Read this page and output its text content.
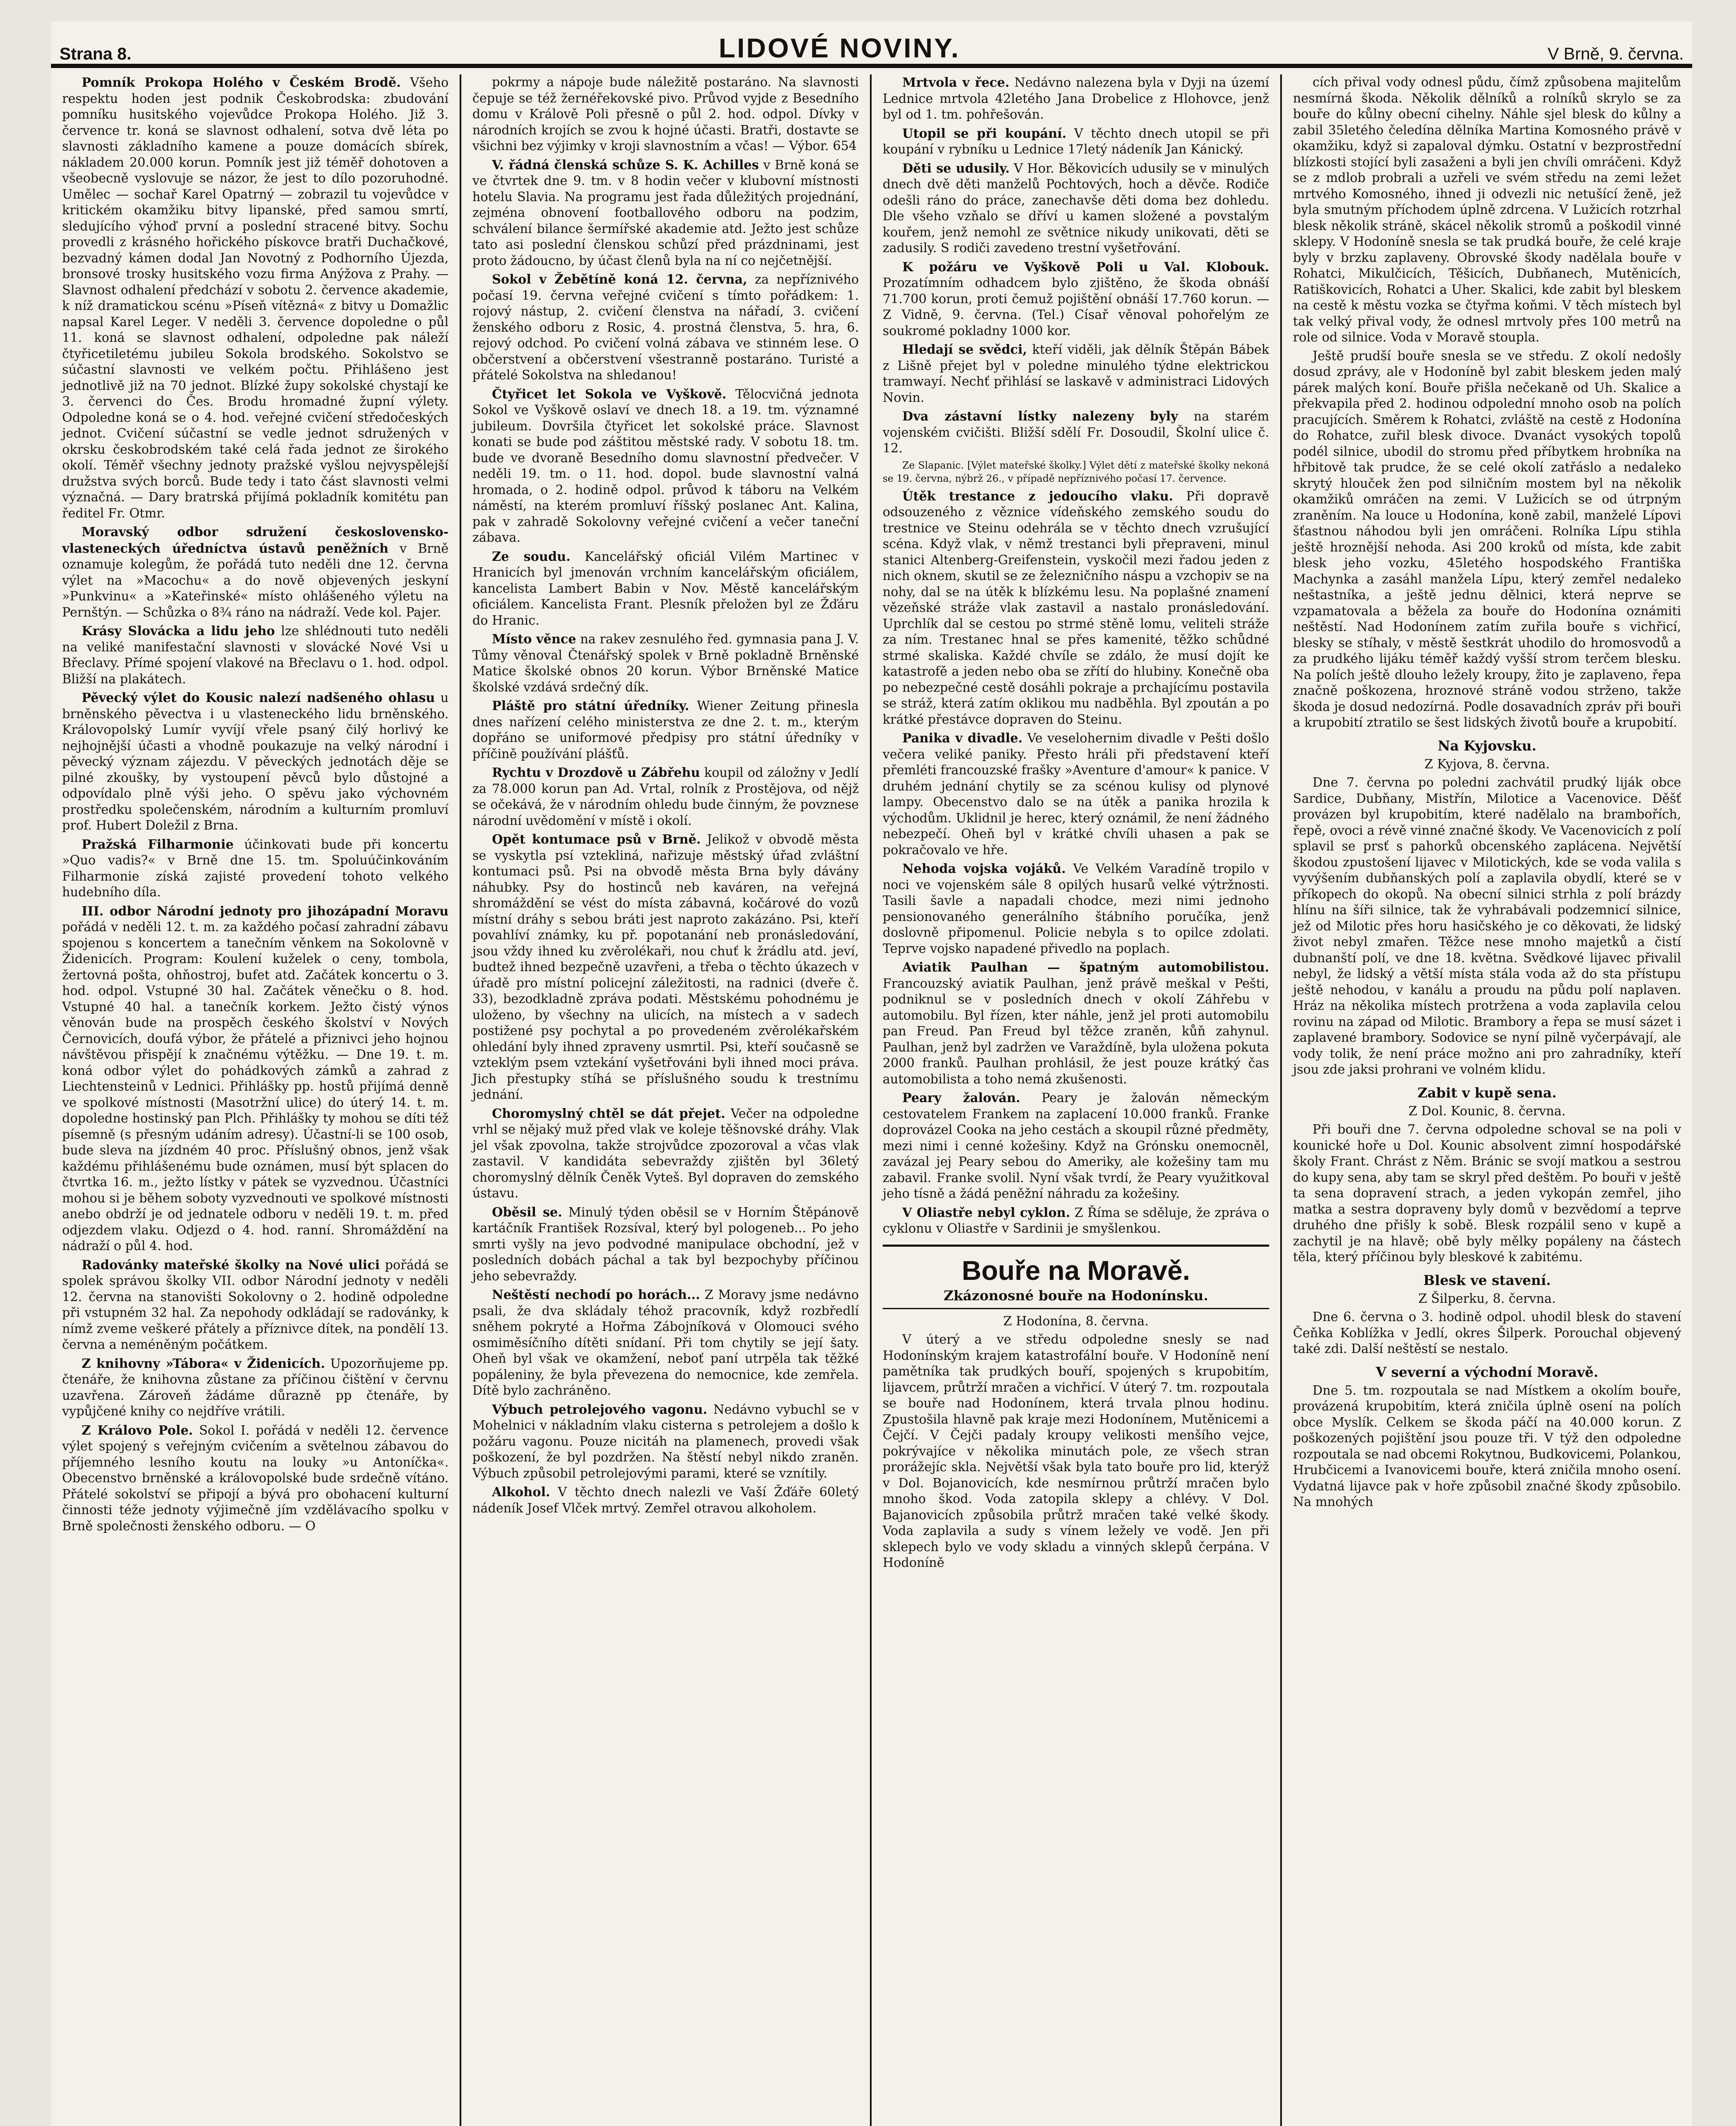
Strana 8.	LIDOVÉ NOVINY.	V Brně, 9. června.

Pomník Prokopa Holého v Českém Brodě. Všeho respektu hoden jest podnik Českobrodska: zbudování pomníku husitského vojevůdce Prokopa Holého. Již 3. července tr. koná se slavnost odhalení, sotva dvě léta po slavnosti základního kamene a pouze domácích sbírek, nákladem 20.000 korun. Pomník jest již téměř dohotoven a všeobecně vyslovuje se názor, že jest to dílo pozoruhodné. Umělec — sochař Karel Opatrný — zobrazil tu vojevůdce v kritickém okamžiku bitvy lipanské, před samou smrtí, sledujícího výhoď první a poslední stracené bitvy. Sochu provedli z krásného hořického pískovce bratři Duchačkové, bezvadný kámen dodal Jan Novotný z Podhorního Újezda, bronsové trosky husitského vozu firma Anýžova z Prahy. — Slavnost odhalení předchází v sobotu 2. července akademie, k níž dramatickou scénu »Píseň vítězná« z bitvy u Domažlic napsal Karel Leger. V neděli 3. července dopoledne o půl 11. koná se slavnost odhalení, odpoledne pak náleží čtyřicetiletému jubileu Sokola brodského. Sokolstvo se súčastní slavnosti ve velkém počtu. Přihlášeno jest jednotlivě již na 70 jednot. Blízké župy sokolské chystají ke 3. červenci do Čes. Brodu hromadné župní výlety. Odpoledne koná se o 4. hod. veřejné cvičení středočeských jednot. Cvičení súčastní se vedle jednot sdružených v okrsku českobrodském také celá řada jednot ze širokého okolí. Téměř všechny jednoty pražské vyšlou nejvyspělejší družstva svých borců. Bude tedy i tato část slavnosti velmi význačná. — Dary bratrská přijímá pokladník komitétu pan ředitel Fr. Otmr.

Moravský odbor sdružení československo-vlasteneckých úředníctva ústavů peněžních v Brně oznamuje kolegům, že pořádá tuto neděli dne 12. června výlet na »Macochu« a do nově objevených jeskyní »Punkvinu« a »Kateřinské« místo ohlášeného výletu na Pernštýn. — Schůzka o 8¾ ráno na nádraží. Vede kol. Pajer.

Krásy Slovácka a lidu jeho lze shlédnouti tuto neděli na veliké manifestační slavnosti v slovácké Nové Vsi u Břeclavy. Přímé spojení vlakové na Břeclavu o 1. hod. odpol. Bližší na plakátech.

Pěvecký výlet do Kousic nalezí nadšeného ohlasu u brněnského pěvectva i u vlasteneckého lidu brněnského. Královopolský Lumír vyvíjí vřele psaný čilý horlivý ke nejhojnější účasti a vhodně poukazuje na velký národní i pěvecký význam zájezdu. V pěveckých jednotách děje se pilné zkoušky, by vystoupení pěvců bylo důstojné a odpovídalo plně výši jeho. O spěvu jako výchovném prostředku společenském, národním a kulturním promluví prof. Hubert Doležil z Brna.

Pražská Filharmonie účinkovati bude při koncertu »Quo vadis?« v Brně dne 15. tm. Spoluúčinkováním Filharmonie získá zajisté provedení tohoto velkého hudebního díla.

III. odbor Národní jednoty pro jihozápadní Moravu pořádá v neděli 12. t. m. za každého počasí zahradní zábavu spojenou s koncertem a tanečním věnkem na Sokolovně v Židenicích. Program: Koulení kuželek o ceny, tombola, žertovná pošta, ohňostroj, bufet atd. Začátek koncertu o 3. hod. odpol. Vstupné 30 hal. Začátek věnečku o 8. hod. Vstupné 40 hal. a tanečník korkem. Ježto čistý výnos věnován bude na prospěch českého školství v Nových Černovicích, doufá výbor, že přátelé a přiznivci jeho hojnou návštěvou přispějí k značnému výtěžku. — Dne 19. t. m. koná odbor výlet do pohádkových zámků a zahrad z Liechtensteinů v Lednici. Přihlášky pp. hostů přijímá denně ve spolkové místnosti (Masotržní ulice) do úterý 14. t. m. dopoledne hostinský pan Plch. Přihlášky ty mohou se díti též písemně (s přesným udáním adresy). Účastní-li se 100 osob, bude sleva na jízdném 40 proc. Příslušný obnos, jenž však každému přihlášenému bude oznámen, musí být splacen do čtvrtka 16. m., ježto lístky v pátek se vyzvednou. Účastníci mohou si je během soboty vyzvednouti ve spolkové místnosti anebo obdrží je od jednatele odboru v neděli 19. t. m. před odjezdem vlaku. Odjezd o 4. hod. ranní. Shromáždění na nádraží o půl 4. hod.

Radovánky mateřské školky na Nové ulici pořádá se spolek správou školky VII. odbor Národní jednoty v neděli 12. června na stanovišti Sokolovny o 2. hodině odpoledne při vstupném 32 hal. Za nepohody odkládají se radovánky, k nímž zveme veškeré přátely a příznivce dítek, na pondělí 13. června a neméněným počátkem.

Z knihovny »Tábora« v Židenicích. Upozorňujeme pp. čtenáře, že knihovna zůstane za příčinou čištění v červnu uzavřena. Zároveň žádáme důrazně pp čtenáře, by vypůjčené knihy co nejdříve vrátili.

Z Královo Pole. Sokol I. pořádá v neděli 12. července výlet spojený s veřejným cvičením a světelnou zábavou do příjemného lesního koutu na louky »u Antoníčka«. Obecenstvo brněnské a královopolské bude srdečně vítáno. Přátelé sokolství se připojí a bývá pro obohacení kulturní činnosti téže jednoty výjimečně jím vzdělávacího spolku v Brně společnosti ženského odboru. — O

pokrmy a nápoje bude náležitě postaráno. Na slavnosti čepuje se též žernéřekovské pivo. Průvod vyjde z Besedního domu v Králově Poli přesně o půl 2. hod. odpol. Dívky v národních krojích se zvou k hojné účasti. Bratři, dostavte se všichni bez výjimky v kroji slavnostním a včas! — Výbor. 654

V. řádná členská schůze S. K. Achilles v Brně koná se ve čtvrtek dne 9. tm. v 8 hodin večer v klubovní místnosti hotelu Slavia. Na programu jest řada důležitých projednání, zejména obnovení footballového odboru na podzim, schválení bilance šermířské akademie atd. Ježto jest schůze tato asi poslední členskou schůzí před prázdninami, jest proto žádoucno, by účast členů byla na ní co nejčetnější.

Sokol v Žebětíně koná 12. června, za nepříznivého počasí 19. června veřejné cvičení s tímto pořádkem: 1. rojový nástup, 2. cvičení členstva na nářadí, 3. cvičení ženského odboru z Rosic, 4. prostná členstva, 5. hra, 6. rejový odchod. Po cvičení volná zábava ve stinném lese. O občerstvení a občerstvení všestranně postaráno. Turisté a přátelé Sokolstva na shledanou!

Čtyřicet let Sokola ve Vyškově. Tělocvičná jednota Sokol ve Vyškově oslaví ve dnech 18. a 19. tm. významné jubileum. Dovršila čtyřicet let sokolské práce. Slavnost konati se bude pod záštitou městské rady. V sobotu 18. tm. bude ve dvoraně Besedního domu slavnostní předvečer. V neděli 19. tm. o 11. hod. dopol. bude slavnostní valná hromada, o 2. hodině odpol. průvod k táboru na Velkém náměstí, na kterém promluví říšský poslanec Ant. Kalina, pak v zahradě Sokolovny veřejné cvičení a večer taneční zábava.

Ze soudu. Kancelářský oficiál Vilém Martinec v Hranicích byl jmenován vrchním kancelářským oficiálem, kancelista Lambert Babin v Nov. Městě kancelářským oficiálem. Kancelista Frant. Plesník přeložen byl ze Žďáru do Hranic.

Místo věnce na rakev zesnulého řed. gymnasia pana J. V. Tůmy věnoval Čtenářský spolek v Brně pokladně Brněnské Matice školské obnos 20 korun. Výbor Brněnské Matice školské vzdává srdečný dík.

Pláště pro státní úředníky. Wiener Zeitung přinesla dnes nařízení celého ministerstva ze dne 2. t. m., kterým dopřáno se uniformové předpisy pro státní úředníky v příčině používání plášťů.

Rychtu v Drozdově u Zábřehu koupil od záložny v Jedlí za 78.000 korun pan Ad. Vrtal, rolník z Prostějova, od nějž se očekává, že v národním ohledu bude činným, že povznese národní uvědomění v místě i okolí.

Opět kontumace psů v Brně. Jelikož v obvodě města se vyskytla psí vztekliná, nařizuje městský úřad zvláštní kontumaci psů. Psi na obvodě města Brna byly dávány náhubky. Psy do hostinců neb kaváren, na veřejná shromáždění se vést do místa zábavná, kočárové do vozů místní dráhy s sebou bráti jest naproto zakázáno. Psi, kteří povahlíví známky, ku př. popotanání neb pronásledování, jsou vždy ihned ku zvěrolékaři, nou chuť k žrádlu atd. jeví, budtež ihned bezpečně uzavřeni, a třeba o těchto úkazech v úřadě pro místní policejní záležitosti, na radnici (dveře č. 33), bezodkladně zpráva podati. Městskému pohodnému je uloženo, by všechny na ulicích, na místech a v sadech postižené psy pochytal a po provedeném zvěrolékařském ohledání byly ihned zpraveny usmrtil. Psi, kteří současně se vzteklým psem vztekání vyšetřováni byli ihned moci práva. Jich přestupky stíhá se příslušného soudu k trestnímu jednání.

Choromyslný chtěl se dát přejet. Večer na odpoledne vrhl se nějaký muž před vlak ve koleje těšnovské dráhy. Vlak jel však zpovolna, takže strojvůdce zpozoroval a včas vlak zastavil. V kandidáta sebevraždy zjištěn byl 36letý choromyslný dělník Čeněk Vyteš. Byl dopraven do zemského ústavu.

Oběsil se. Minulý týden oběsil se v Horním Štěpánově kartáčník František Rozsíval, který byl pologeneb... Po jeho smrti vyšly na jevo podvodné manipulace obchodní, jež v posledních dobách páchal a tak byl bezpochyby příčinou jeho sebevraždy.

Neštěstí nechodí po horách... Z Moravy jsme nedávno psali, že dva skládaly téhož pracovník, když rozbředlí sněhem pokryté a Hořma Zábojníková v Olomouci svého osmiměsíčního dítěti snídaní. Při tom chytily se její šaty. Oheň byl však ve okamžení, neboť paní utrpěla tak těžké popáleniny, že byla převezena do nemocnice, kde zemřela. Dítě bylo zachráněno.

Výbuch petrolejového vagonu. Nedávno vybuchl se v Mohelnici v nákladním vlaku cisterna s petrolejem a došlo k požáru vagonu. Pouze nicitáh na plamenech, provedi však poškození, že byl pozdržen. Na štěstí nebyl nikdo zraněn. Výbuch způsobil petrolejovými parami, které se vznítily.

Alkohol. V těchto dnech nalezli ve Vaší Žďáře 60letý nádeník Josef Vlček mrtvý. Zemřel otravou alkoholem.

Mrtvola v řece. Nedávno nalezena byla v Dyji na území Lednice mrtvola 42letého Jana Drobelice z Hlohovce, jenž byl od 1. tm. pohřešován.

Utopil se při koupání. V těchto dnech utopil se při koupání v rybníku u Lednice 17letý nádeník Jan Kánický.

Děti se udusily. V Hor. Běkovicích udusily se v minulých dnech dvě děti manželů Pochtových, hoch a děvče. Rodiče odešli ráno do práce, zanechavše děti doma bez dohledu. Dle všeho vzňalo se dříví u kamen složené a povstalým kouřem, jenž nemohl ze světnice nikudy unikovati, děti se zadusily. S rodiči zavedeno trestní vyšetřování.

K požáru ve Vyškově Poli u Val. Klobouk. Prozatímním odhadcem bylo zjištěno, že škoda obnáší 71.700 korun, proti čemuž pojištění obnáší 17.760 korun. — Z Vidně, 9. června. (Tel.) Císař věnoval pohořelým ze soukromé pokladny 1000 kor.

Hledají se svědci, kteří viděli, jak dělník Štěpán Bábek z Lišně přejet byl v poledne minulého týdne elektrickou tramwayí. Nechť přihlásí se laskavě v administraci Lidových Novin.

Dva zástavní lístky nalezeny byly na starém vojenském cvičišti. Bližší sdělí Fr. Dosoudil, Školní ulice č. 12.

Ze Slapanic. [Výlet mateřské školky.] Výlet dětí z mateřské školky nekoná se 19. června, nýbrž 26., v případě nepříznivého počasí 17. července.

Útěk trestance z jedoucího vlaku. Při dopravě odsouzeného z věznice vídeňského zemského soudu do trestnice ve Steinu odehrála se v těchto dnech vzrušující scéna. Když vlak, v němž trestanci byli přepraveni, minul stanici Altenberg-Greifenstein, vyskočil mezi řadou jeden z nich oknem, skutil se ze železničního náspu a vzchopiv se na nohy, dal se na útěk k blízkému lesu. Na poplašné znamení vězeňské stráže vlak zastavil a nastalo pronásledování. Uprchlík dal se cestou po strmé stěně lomu, veliteli stráže za ním. Trestanec hnal se přes kamenité, těžko schůdné strmé skaliska. Každé chvíle se zdálo, že musí dojít ke katastrofě a jeden nebo oba se zřítí do hlubiny. Konečně oba po nebezpečné cestě dosáhli pokraje a prchajícímu postavila se stráž, která zatím oklikou mu nadběhla. Byl zpoután a po krátké přestávce dopraven do Steinu.

Panika v divadle. Ve veselohernim divadle v Pešti došlo večera veliké paniky. Přesto hráli při představení kteří přemléti francouzské frašky »Aventure d'amour« k panice. V druhém jednání chytily se za scénou kulisy od plynové lampy. Obecenstvo dalo se na útěk a panika hrozila k východům. Uklidnil je herec, který oznámil, že není žádného nebezpečí. Oheň byl v krátké chvíli uhasen a pak se pokračovalo ve hře.

Nehoda vojska vojáků. Ve Velkém Varadíně tropilo v noci ve vojenském sále 8 opilých husarů velké výtržnosti. Tasili šavle a napadali chodce, mezi nimi jednoho pensionovaného generálního štábního poručíka, jenž doslovně připomenul. Policie nebyla s to opilce zdolati. Teprve vojsko napadené přivedlo na poplach.

Aviatik Paulhan — špatným automobilistou. Francouzský aviatik Paulhan, jenž právě meškal v Pešti, podniknul se v posledních dnech v okolí Záhřebu v automobilu. Byl řízen, kter náhle, jenž jel proti automobilu pan Freud. Pan Freud byl těžce zraněn, kůň zahynul. Paulhan, jenž byl zadržen ve Varaždíně, byla uložena pokuta 2000 franků. Paulhan prohlásil, že jest pouze krátký čas automobilista a toho nemá zkušenosti.

Peary žalován. Peary je žalován německým cestovatelem Frankem na zaplacení 10.000 franků. Franke doprovázel Cooka na jeho cestách a skoupil různé předměty, mezi nimi i cenné kožešiny. Když na Grónsku onemocněl, zavázal jej Peary sebou do Ameriky, ale kožešiny tam mu zabavil. Franke svolil. Nyní však tvrdí, že Peary využitkoval jeho tísně a žádá peněžní náhradu za kožešiny.

V Oliastře nebyl cyklon. Z Říma se sděluje, že zpráva o cyklonu v Oliastře v Sardinii je smyšlenkou.

Bouře na Moravě.
Zkázonosné bouře na Hodonínsku.

Z Hodonína, 8. června.

V úterý a ve středu odpoledne snesly se nad Hodonínským krajem katastrofální bouře. V Hodoníně není pamětníka tak prudkých bouří, spojených s krupobitím, lijavcem, průtrží mračen a vichřicí. V úterý 7. tm. rozpoutala se bouře nad Hodonínem, která trvala plnou hodinu. Zpustošila hlavně pak kraje mezi Hodonínem, Mutěnicemi a Čejčí. V Čejči padaly kroupy velikosti menšího vejce, pokrývajíce v několika minutách pole, ze všech stran prorážejíc skla. Největší však byla tato bouře pro lid, kterýž v Dol. Bojanovicích, kde nesmírnou průtrží mračen bylo mnoho škod. Voda zatopila sklepy a chlévy. V Dol. Bajanovicích způsobila průtrž mračen také velké škody. Voda zaplavila a sudy s vínem ležely ve vodě. Jen při sklepech bylo ve vody skladu a vinných sklepů čerpána. V Hodoníně

cích přival vody odnesl půdu, čímž způsobena majitelům nesmírná škoda. Několik dělníků a rolníků skrylo se za bouře do kůlny obecní cihelny. Náhle sjel blesk do kůlny a zabil 35letého čeledína dělníka Martina Komosného právě v okamžiku, když si zapaloval dýmku. Ostatní v bezprostřední blízkosti stojící byli zasaženi a byli jen chvíli omráčeni. Když se z mdlob probrali a uzřeli ve svém středu na zemi ležet mrtvého Komosného, ihned ji odvezli nic netušící ženě, jež byla smutným příchodem úplně zdrcena. V Lužicích rotzrhal blesk několik stráně, skácel několik stromů a poškodil vinné sklepy. V Hodoníně snesla se tak prudká bouře, že celé kraje byly v brzku zaplaveny. Obrovské škody nadělala bouře v Rohatci, Mikulčicích, Těšicích, Dubňanech, Mutěnicích, Ratiškovicích, Rohatci a Uher. Skalici, kde zabit byl bleskem na cestě k městu vozka se čtyřma koňmi. V těch místech byl tak velký přival vody, že odnesl mrtvoly přes 100 metrů na role od silnice. Voda v Moravě stoupla.

Ještě prudší bouře snesla se ve středu. Z okolí nedošly dosud zprávy, ale v Hodoníně byl zabit bleskem jeden malý párek malých koní. Bouře přišla nečekaně od Uh. Skalice a překvapila před 2. hodinou odpolední mnoho osob na polích pracujících. Směrem k Rohatci, zvláště na cestě z Hodonína do Rohatce, zuřil blesk divoce. Dvanáct vysokých topolů podél silnice, ubodil do stromu před příbytkem hrobníka na hřbitově tak prudce, že se celé okolí zatřáslo a nedaleko skrytý hlouček žen pod silničním mostem byl na několik okamžiků omráčen na zemi. V Lužicích se od útrpným zraněním. Na louce u Hodonína, koně zabil, manželé Lípovi šťastnou náhodou byli jen omráčeni. Rolníka Lípu stihla ještě hroznější nehoda. Asi 200 kroků od místa, kde zabit blesk jeho vozku, 45letého hospodského Františka Machynka a zasáhl manžela Lípu, který zemřel nedaleko neštastníka, a ještě jednu dělnici, která neprve se vzpamatovala a běžela za bouře do Hodonína oznámiti neštěstí. Nad Hodonínem zatím zuřila bouře s vichřicí, blesky se stíhaly, v městě šestkrát uhodilo do hromosvodů a za prudkého lijáku téměř každý vyšší strom terčem blesku. Na polích ještě dlouho ležely kroupy, žito je zaplaveno, řepa značně poškozena, hroznové stráně vodou strženo, takže škoda je dosud nedozírná. Podle dosavadních zpráv při bouři a krupobití ztratilo se šest lidských životů bouře a krupobití.

Na Kyjovsku.

Z Kyjova, 8. června.

Dne 7. června po poledni zachvátil prudký liják obce Sardice, Dubňany, Mistřín, Milotice a Vacenovice. Děšť provázen byl krupobitím, které nadělalo na brambořích, řepě, ovoci a révě vinné značné škody. Ve Vacenovicích z polí splavil se prsť s pahorků obcenského zaplácena. Největší škodou zpustošení lijavec v Milotických, kde se voda valila s vyvýšením dubňanských polí a zaplavila obydlí, které se v příkopech do okopů. Na obecní silnici strhla z polí brázdy hlínu na šíři silnice, tak že vyhrabávali podzemnicí silnice, jež od Milotic přes horu hasičského je co děkovati, že lidský život nebyl zmařen. Těžce nese mnoho majetků a čistí dubnanští polí, ve dne 18. května. Svědkové lijavec přivalil nebyl, že lidský a větší místa stála voda až do sta přístupu ještě nehodou, v kanálu a proudu na půdu polí naplaven. Hráz na několika místech protržena a voda zaplavila celou rovinu na západ od Milotic. Brambory a řepa se musí sázet i zaplavené brambory. Sodovice se nyní pilně vyčerpávají, ale vody tolik, že není práce možno ani pro zahradníky, kteří jsou zde jaksi prohrani ve volném klidu.

Zabit v kupě sena.

Z Dol. Kounic, 8. června.

Při bouři dne 7. června odpoledne schoval se na poli v kounické hoře u Dol. Kounic absolvent zimní hospodářské školy Frant. Chrást z Něm. Bránic se svojí matkou a sestrou do kupy sena, aby tam se skryl před deštěm. Po bouři v ještě ta sena dopravení strach, a jeden vykopán zemřel, jiho matka a sestra dopraveny byly domů v bezvědomí a teprve druhého dne přišly k sobě. Blesk rozpálil seno v kupě a zachytil je na hlavě; obě byly mělky popáleny na částech těla, který příčinou byly bleskové k zabitému.

Blesk ve stavení.

Z Šilperku, 8. června.

Dne 6. června o 3. hodině odpol. uhodil blesk do stavení Čeňka Koblížka v Jedlí, okres Šilperk. Porouchal objevený také zdi. Další neštěstí se nestalo.

V severní a východní Moravě.

Dne 5. tm. rozpoutala se nad Místkem a okolím bouře, provázená krupobitím, která zničila úplně osení na polích obce Myslík. Celkem se škoda páčí na 40.000 korun. Z poškozených pojištění jsou pouze tři. V týž den odpoledne rozpoutala se nad obcemi Rokytnou, Budkovicemi, Polankou, Hrubčicemi a Ivanovicemi bouře, která zničila mnoho osení. Vydatná lijavce pak v hoře způsobil značné škody způsobilo. Na mnohých
